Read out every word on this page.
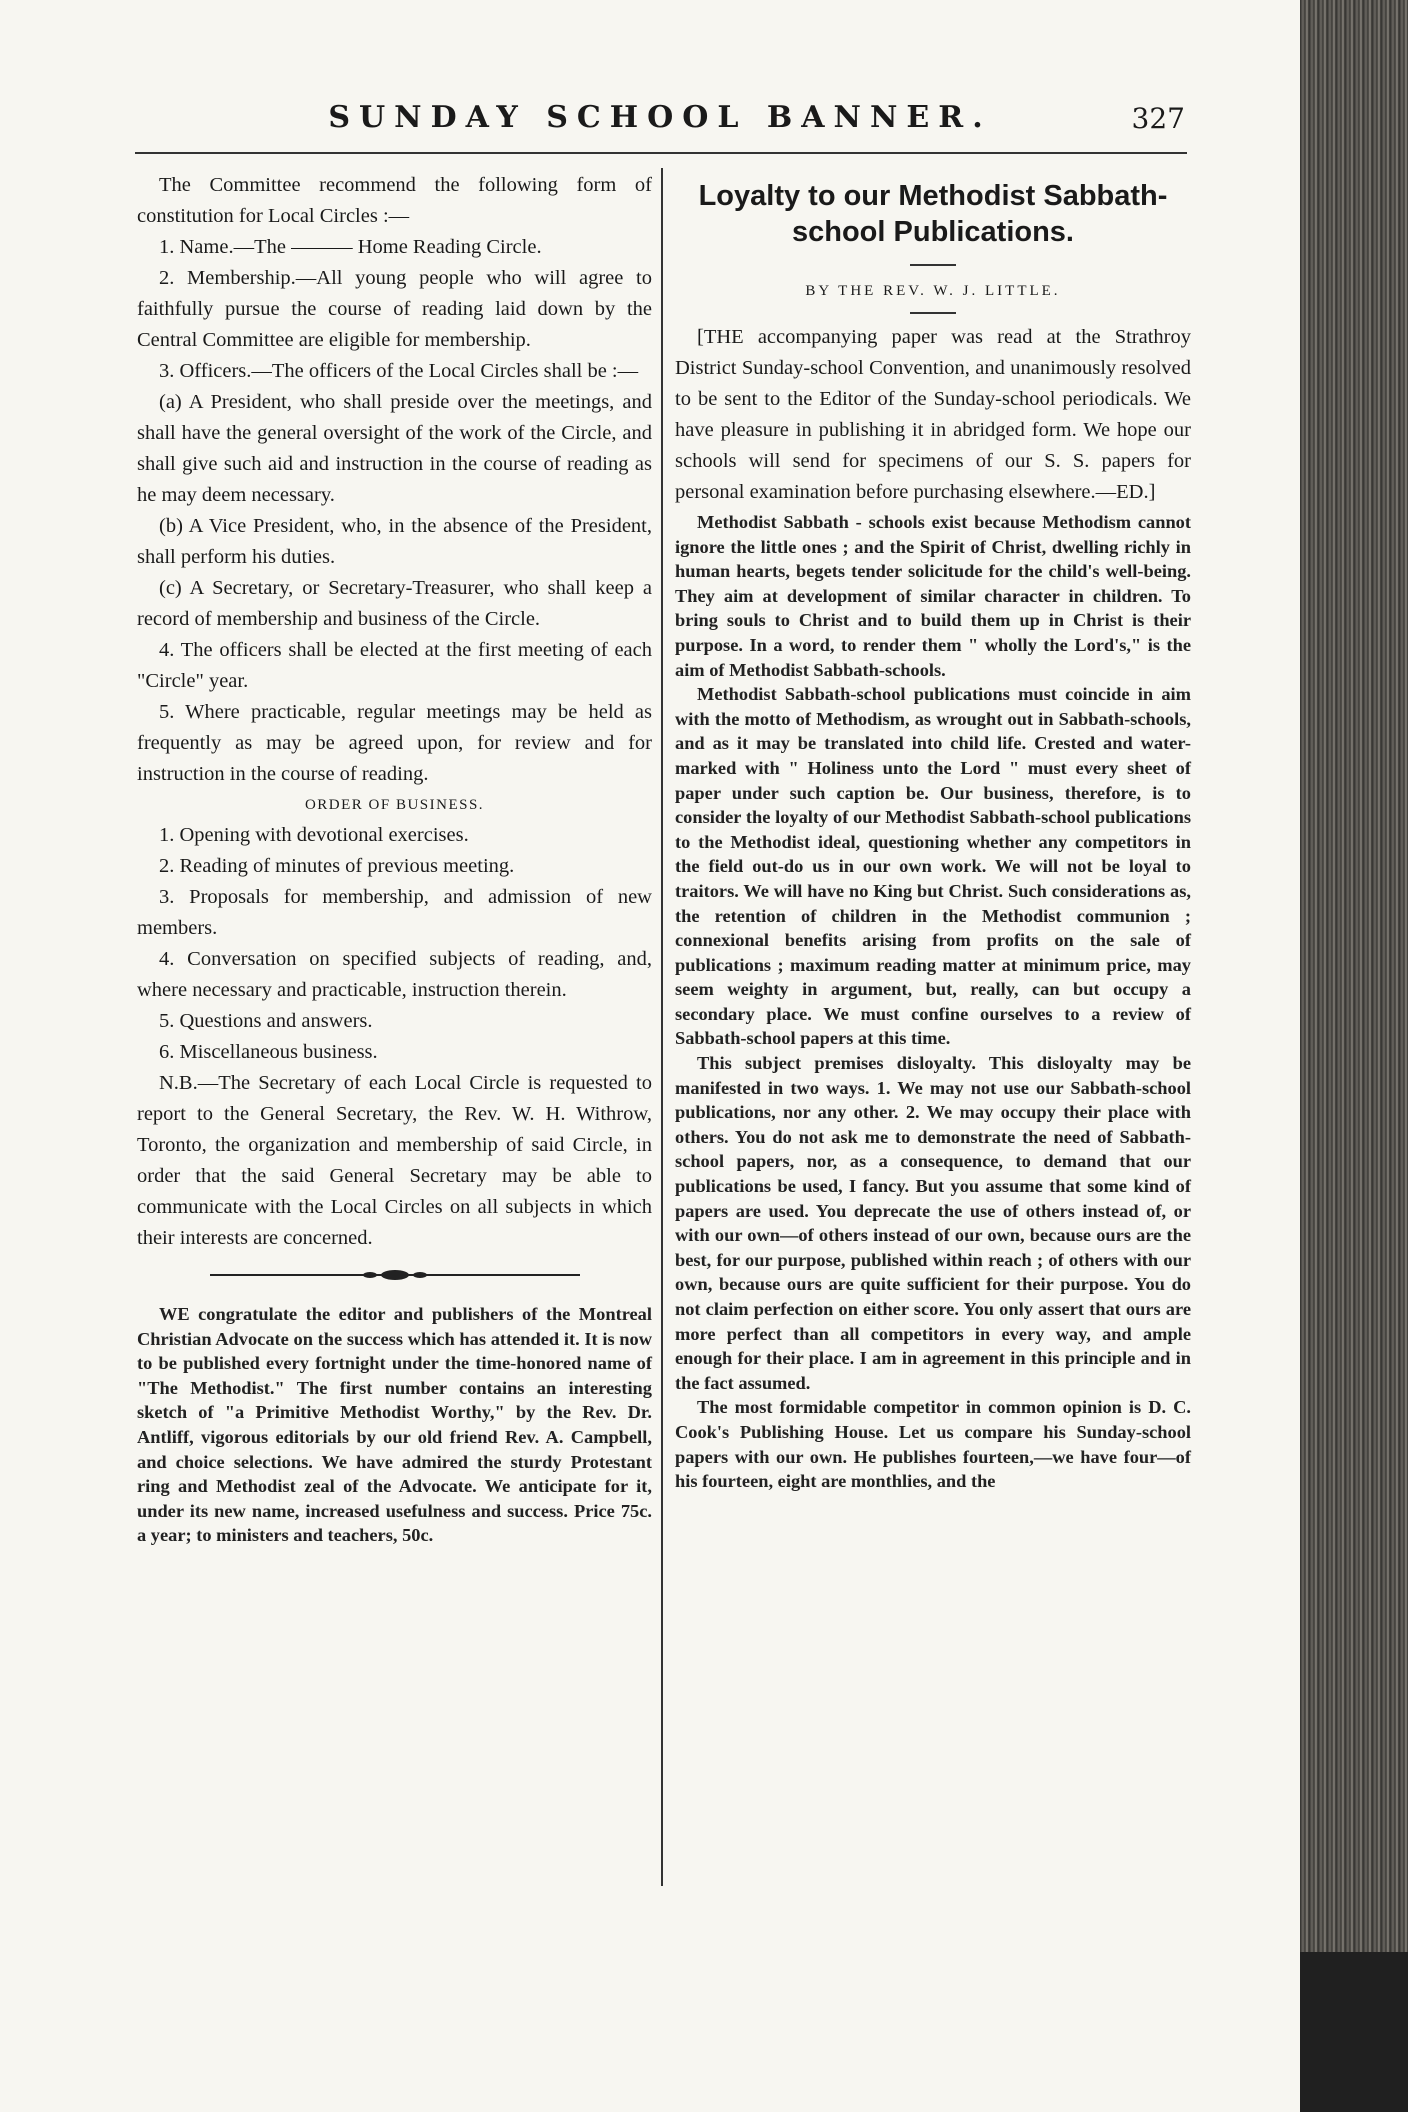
SUNDAY SCHOOL BANNER.	327

The Committee recommend the following form of constitution for Local Circles :—

1. Name.—The ——— Home Reading Circle.

2. Membership.—All young people who will agree to faithfully pursue the course of reading laid down by the Central Committee are eligible for membership.

3. Officers.—The officers of the Local Circles shall be :—

(a) A President, who shall preside over the meetings, and shall have the general oversight of the work of the Circle, and shall give such aid and instruction in the course of reading as he may deem necessary.

(b) A Vice President, who, in the absence of the President, shall perform his duties.

(c) A Secretary, or Secretary-Treasurer, who shall keep a record of membership and business of the Circle.

4. The officers shall be elected at the first meeting of each "Circle" year.

5. Where practicable, regular meetings may be held as frequently as may be agreed upon, for review and for instruction in the course of reading.

ORDER OF BUSINESS.

1. Opening with devotional exercises.

2. Reading of minutes of previous meeting.

3. Proposals for membership, and admission of new members.

4. Conversation on specified subjects of reading, and, where necessary and practicable, instruction therein.

5. Questions and answers.

6. Miscellaneous business.

N.B.—The Secretary of each Local Circle is requested to report to the General Secretary, the Rev. W. H. Withrow, Toronto, the organization and membership of said Circle, in order that the said General Secretary may be able to communicate with the Local Circles on all subjects in which their interests are concerned.

WE congratulate the editor and publishers of the Montreal Christian Advocate on the success which has attended it. It is now to be published every fortnight under the time-honored name of "The Methodist." The first number contains an interesting sketch of "a Primitive Methodist Worthy," by the Rev. Dr. Antliff, vigorous editorials by our old friend Rev. A. Campbell, and choice selections. We have admired the sturdy Protestant ring and Methodist zeal of the Advocate. We anticipate for it, under its new name, increased usefulness and success. Price 75c. a year; to ministers and teachers, 50c.

Loyalty to our Methodist Sabbath-
school Publications.
BY THE REV. W. J. LITTLE.

[THE accompanying paper was read at the Strathroy District Sunday-school Convention, and unanimously resolved to be sent to the Editor of the Sunday-school periodicals. We have pleasure in publishing it in abridged form. We hope our schools will send for specimens of our S. S. papers for personal examination before purchasing elsewhere.—ED.]

Methodist Sabbath - schools exist because Methodism cannot ignore the little ones ; and the Spirit of Christ, dwelling richly in human hearts, begets tender solicitude for the child's well-being. They aim at development of similar character in children. To bring souls to Christ and to build them up in Christ is their purpose. In a word, to render them " wholly the Lord's," is the aim of Methodist Sabbath-schools.

Methodist Sabbath-school publications must coincide in aim with the motto of Methodism, as wrought out in Sabbath-schools, and as it may be translated into child life. Crested and water-marked with " Holiness unto the Lord " must every sheet of paper under such caption be. Our business, therefore, is to consider the loyalty of our Methodist Sabbath-school publications to the Methodist ideal, questioning whether any competitors in the field out-do us in our own work. We will not be loyal to traitors. We will have no King but Christ. Such considerations as, the retention of children in the Methodist communion ; connexional benefits arising from profits on the sale of publications ; maximum reading matter at minimum price, may seem weighty in argument, but, really, can but occupy a secondary place. We must confine ourselves to a review of Sabbath-school papers at this time.

This subject premises disloyalty. This disloyalty may be manifested in two ways. 1. We may not use our Sabbath-school publications, nor any other. 2. We may occupy their place with others. You do not ask me to demonstrate the need of Sabbath-school papers, nor, as a consequence, to demand that our publications be used, I fancy. But you assume that some kind of papers are used. You deprecate the use of others instead of, or with our own—of others instead of our own, because ours are the best, for our purpose, published within reach ; of others with our own, because ours are quite sufficient for their purpose. You do not claim perfection on either score. You only assert that ours are more perfect than all competitors in every way, and ample enough for their place. I am in agreement in this principle and in the fact assumed.

The most formidable competitor in common opinion is D. C. Cook's Publishing House. Let us compare his Sunday-school papers with our own. He publishes fourteen,—we have four—of his fourteen, eight are monthlies, and the
